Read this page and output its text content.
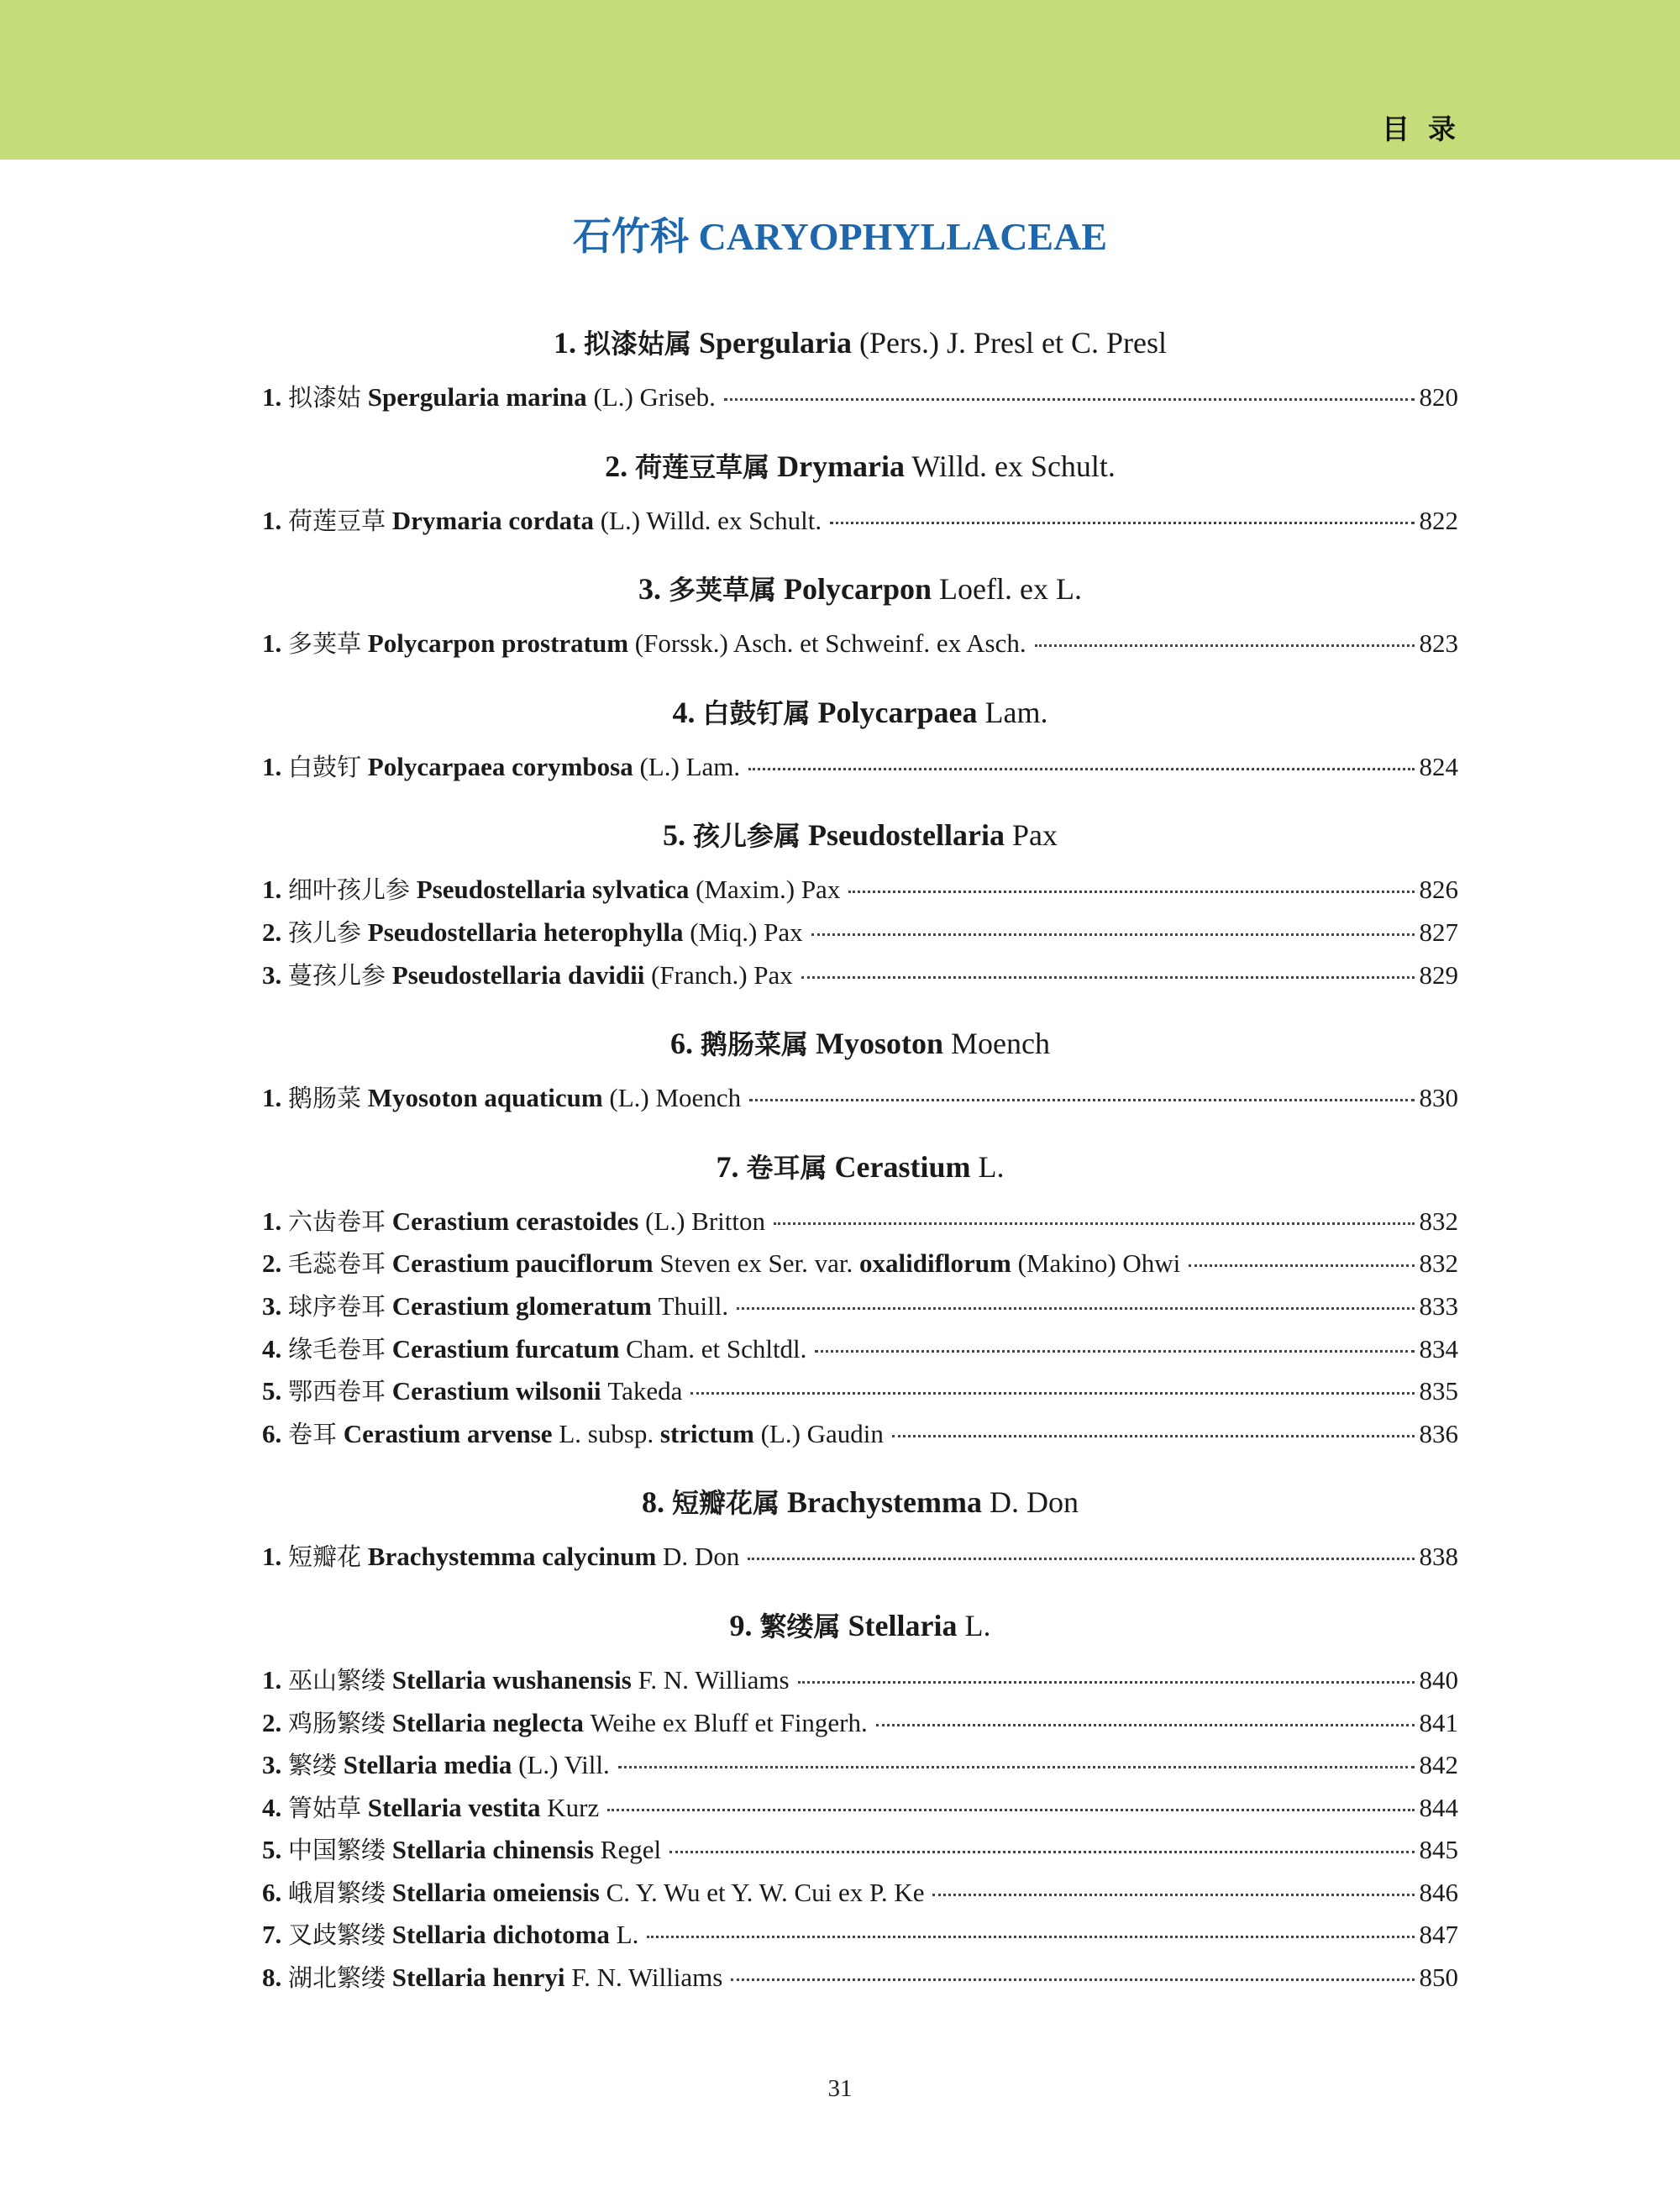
目录
石竹科 CARYOPHYLLACEAE
1. 拟漆姑属 Spergularia (Pers.) J. Presl et C. Presl
1. 拟漆姑 Spergularia marina (L.) Griseb.	820
2. 荷莲豆草属 Drymaria Willd. ex Schult.
1. 荷莲豆草 Drymaria cordata (L.) Willd. ex Schult.	822
3. 多荚草属 Polycarpon Loefl. ex L.
1. 多荚草 Polycarpon prostratum (Forssk.) Asch. et Schweinf. ex Asch.	823
4. 白鼓钉属 Polycarpaea Lam.
1. 白鼓钉 Polycarpaea corymbosa (L.) Lam.	824
5. 孩儿参属 Pseudostellaria Pax
1. 细叶孩儿参 Pseudostellaria sylvatica (Maxim.) Pax	826
2. 孩儿参 Pseudostellaria heterophylla (Miq.) Pax	827
3. 蔓孩儿参 Pseudostellaria davidii (Franch.) Pax	829
6. 鹅肠菜属 Myosoton Moench
1. 鹅肠菜 Myosoton aquaticum (L.) Moench	830
7. 卷耳属 Cerastium L.
1. 六齿卷耳 Cerastium cerastoides (L.) Britton	832
2. 毛蕊卷耳 Cerastium pauciflorum Steven ex Ser. var. oxalidiflorum (Makino) Ohwi	832
3. 球序卷耳 Cerastium glomeratum Thuill.	833
4. 缘毛卷耳 Cerastium furcatum Cham. et Schltdl.	834
5. 鄂西卷耳 Cerastium wilsonii Takeda	835
6. 卷耳 Cerastium arvense L. subsp. strictum (L.) Gaudin	836
8. 短瓣花属 Brachystemma D. Don
1. 短瓣花 Brachystemma calycinum D. Don	838
9. 繁缕属 Stellaria L.
1. 巫山繁缕 Stellaria wushanensis F. N. Williams	840
2. 鸡肠繁缕 Stellaria neglecta Weihe ex Bluff et Fingerh.	841
3. 繁缕 Stellaria media (L.) Vill.	842
4. 箐姑草 Stellaria vestita Kurz	844
5. 中国繁缕 Stellaria chinensis Regel	845
6. 峨眉繁缕 Stellaria omeiensis C. Y. Wu et Y. W. Cui ex P. Ke	846
7. 叉歧繁缕 Stellaria dichotoma L.	847
8. 湖北繁缕 Stellaria henryi F. N. Williams	850
31
